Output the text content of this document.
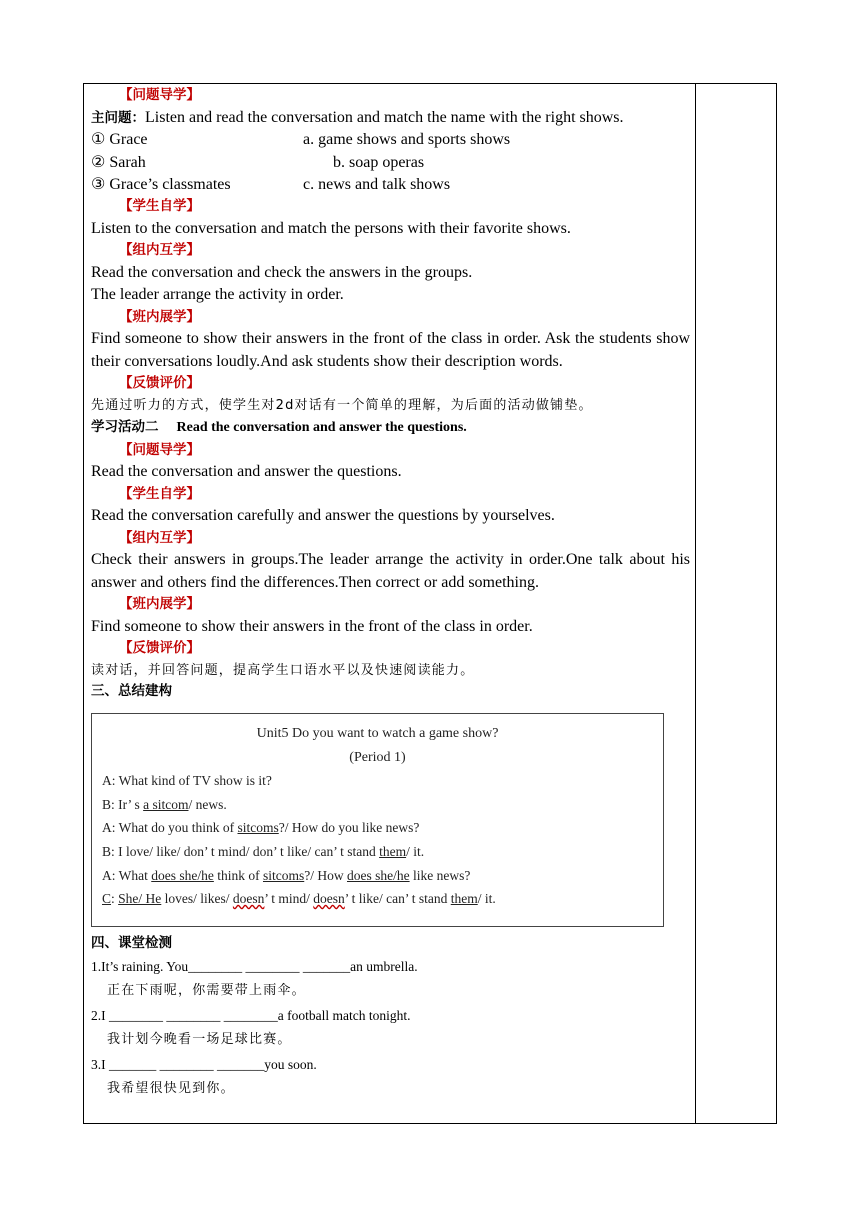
【问题导学】
主问题：Listen and read the conversation and match the name with the right shows.
① Grace	a. game shows and sports shows
② Sarah	b. soap operas
③ Grace’s classmates	c. news and talk shows
【学生自学】
Listen to the conversation and match the persons with their favorite shows.
【组内互学】
Read the conversation and check the answers in the groups.
The leader arrange the activity in order.
【班内展学】
Find someone to show their answers in the front of the class in order. Ask the students show their conversations loudly.And ask students show their description words.
【反馈评价】
先通过听力的方式，使学生对2d对话有一个简单的理解，为后面的活动做铺垫。
学习活动二 Read the conversation and answer the questions.
【问题导学】
Read the conversation and answer the questions.
【学生自学】
Read the conversation carefully and answer the questions by yourselves.
【组内互学】
Check their answers in groups.The leader arrange the activity in order.One talk about his answer and others find the differences.Then correct or add something.
【班内展学】
Find someone to show their answers in the front of the class in order.
【反馈评价】
读对话，并回答问题，提高学生口语水平以及快速阅读能力。
三、总结建构
Unit5 Do you want to watch a game show?
(Period 1)
A: What kind of TV show is it?
B: Ir’ s a sitcom/ news.
A: What do you think of sitcoms?/ How do you like news?
B: I love/ like/ don’ t mind/ don’ t like/ can’ t stand them/ it.
A: What does she/he think of sitcoms?/ How does she/he like news?
C: She/ He loves/ likes/ doesn’ t mind/ doesn’ t like/ can’ t stand them/ it.
四、课堂检测
1.It’s raining. You________ ________ _______an umbrella.
正在下雨呢，你需要带上雨伞。
2.I ________ ________ ________a football match tonight.
我计划今晚看一场足球比赛。
3.I _______ ________ _______you soon.
我希望很快见到你。
